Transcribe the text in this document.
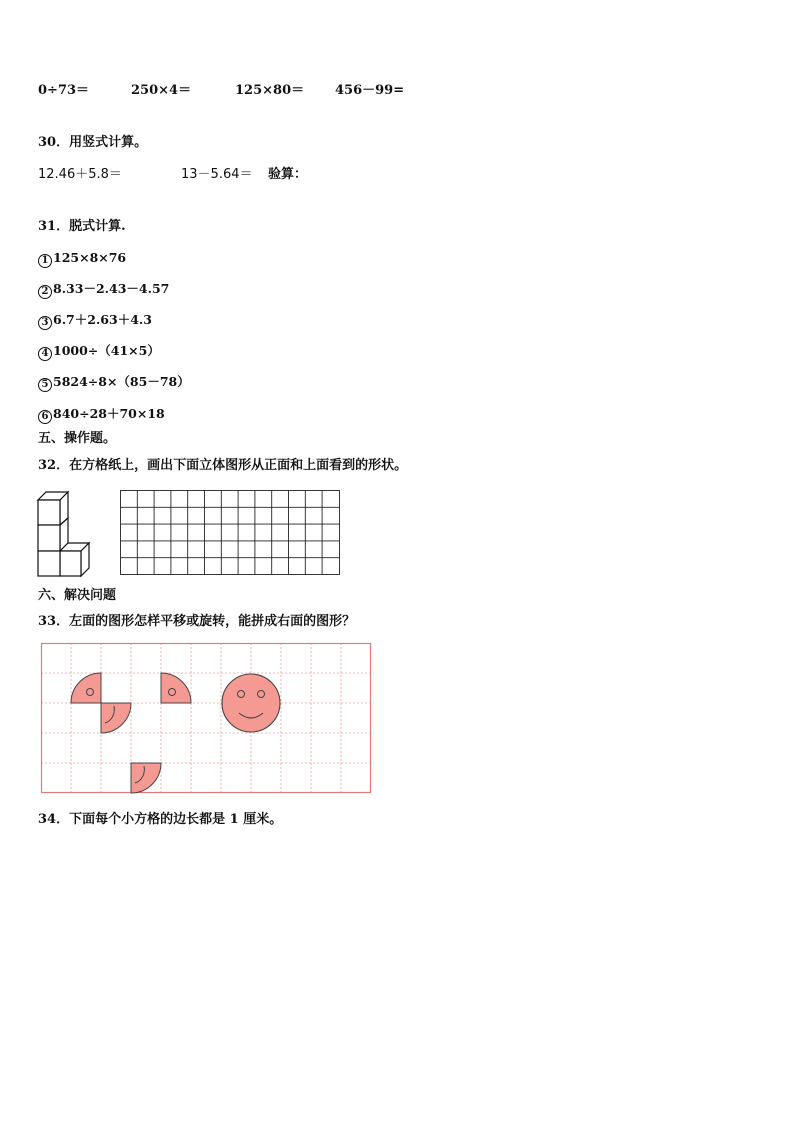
0÷73＝	250×4＝	125×80＝ 456－99=
30．用竖式计算。
12.46＋5.8＝	13－5.64＝ 验算：
31．脱式计算.
1 125×8×76
2 8.33－2.43－4.57
3 6.7＋2.63＋4.3
4 1000÷（41×5）
5 5824÷8×（85－78）
6 840÷28＋70×18
五、操作题。
32．在方格纸上，画出下面立体图形从正面和上面看到的形状。
六、解决问题
33．左面的图形怎样平移或旋转，能拼成右面的图形？
34．下面每个小方格的边长都是 1 厘米。
